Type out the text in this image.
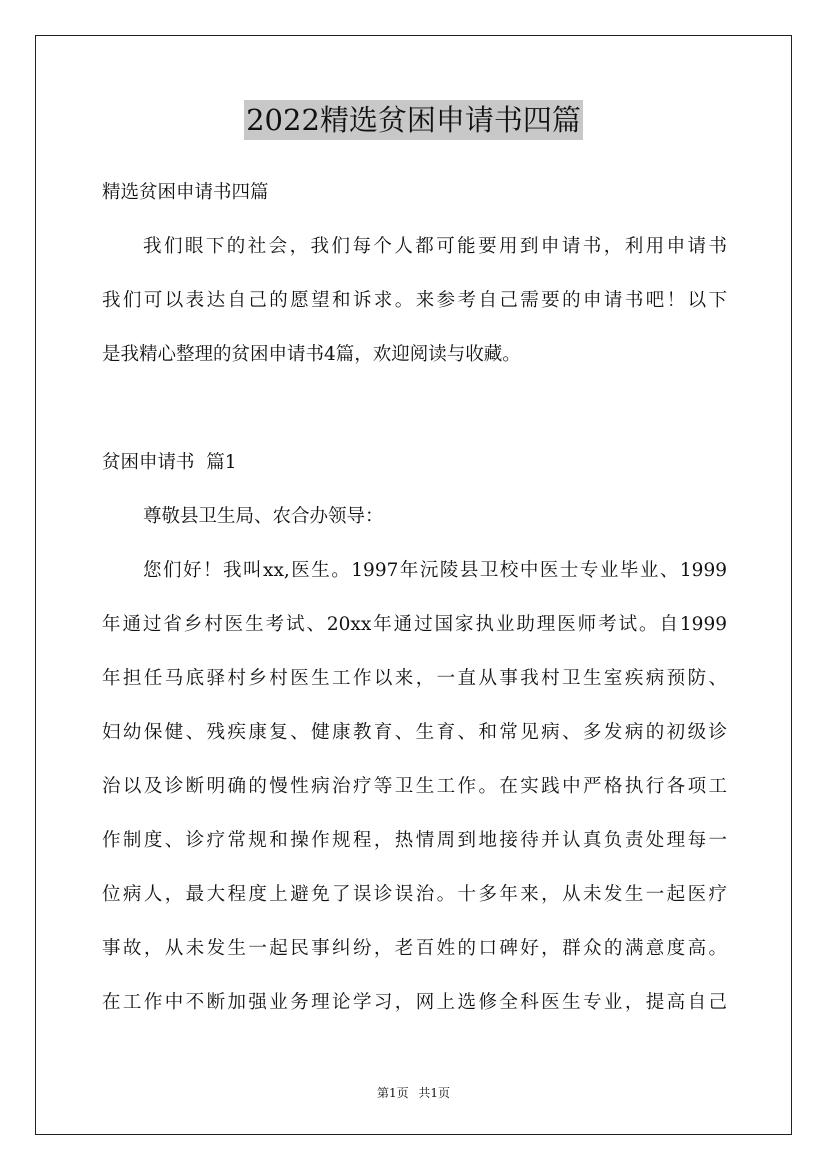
2022精选贫困申请书四篇
精选贫困申请书四篇
我们眼下的社会，我们每个人都可能要用到申请书，利用申请书
我们可以表达自己的愿望和诉求。来参考自己需要的申请书吧！以下
是我精心整理的贫困申请书4篇，欢迎阅读与收藏。
贫困申请书  篇1
尊敬县卫生局、农合办领导：
您们好！我叫xx,医生。1997年沅陵县卫校中医士专业毕业、1999
年通过省乡村医生考试、20xx年通过国家执业助理医师考试。自1999
年担任马底驿村乡村医生工作以来，一直从事我村卫生室疾病预防、
妇幼保健、残疾康复、健康教育、生育、和常见病、多发病的初级诊
治以及诊断明确的慢性病治疗等卫生工作。在实践中严格执行各项工
作制度、诊疗常规和操作规程，热情周到地接待并认真负责处理每一
位病人，最大程度上避免了误诊误治。十多年来，从未发生一起医疗
事故，从未发生一起民事纠纷，老百姓的口碑好，群众的满意度高。
在工作中不断加强业务理论学习，网上选修全科医生专业，提高自己
第1页 共1页
